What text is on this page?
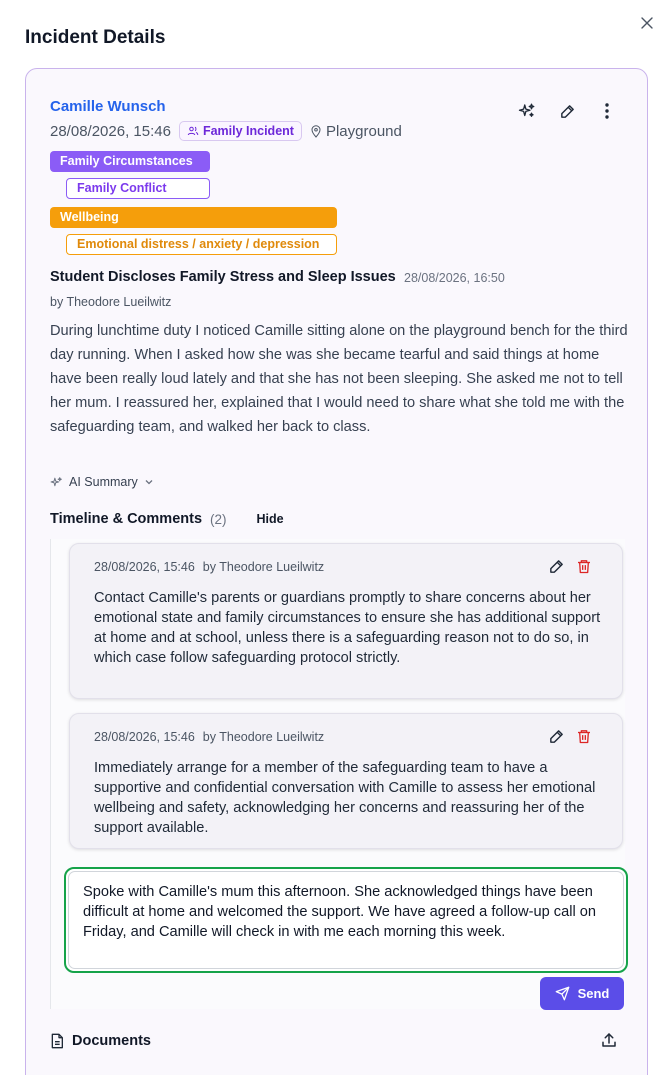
Incident Details
Camille Wunsch
28/08/2026, 15:46	Family Incident Playground
Family Circumstances
Family Conflict
Wellbeing
Emotional distress / anxiety / depression
Student Discloses Family Stress and Sleep Issues 28/08/2026, 16:50
by Theodore Lueilwitz

During lunchtime duty I noticed Camille sitting alone on the playground bench for the third day running. When I asked how she was she became tearful and said things at home have been really loud lately and that she has not been sleeping. She asked me not to tell her mum. I reassured her, explained that I would need to share what she told me with the safeguarding team, and walked her back to class.

AI Summary
Timeline & Comments (2) Hide
28/08/2026, 15:46 by Theodore Lueilwitz

Contact Camille's parents or guardians promptly to share concerns about her emotional state and family circumstances to ensure she has additional support at home and at school, unless there is a safeguarding reason not to do so, in which case follow safeguarding protocol strictly.

28/08/2026, 15:46 by Theodore Lueilwitz

Immediately arrange for a member of the safeguarding team to have a supportive and confidential conversation with Camille to assess her emotional wellbeing and safety, acknowledging her concerns and reassuring her of the support available.

Spoke with Camille's mum this afternoon. She acknowledged things have been difficult at home and welcomed the support. We have agreed a follow-up call on Friday, and Camille will check in with me each morning this week.
Send
Documents
